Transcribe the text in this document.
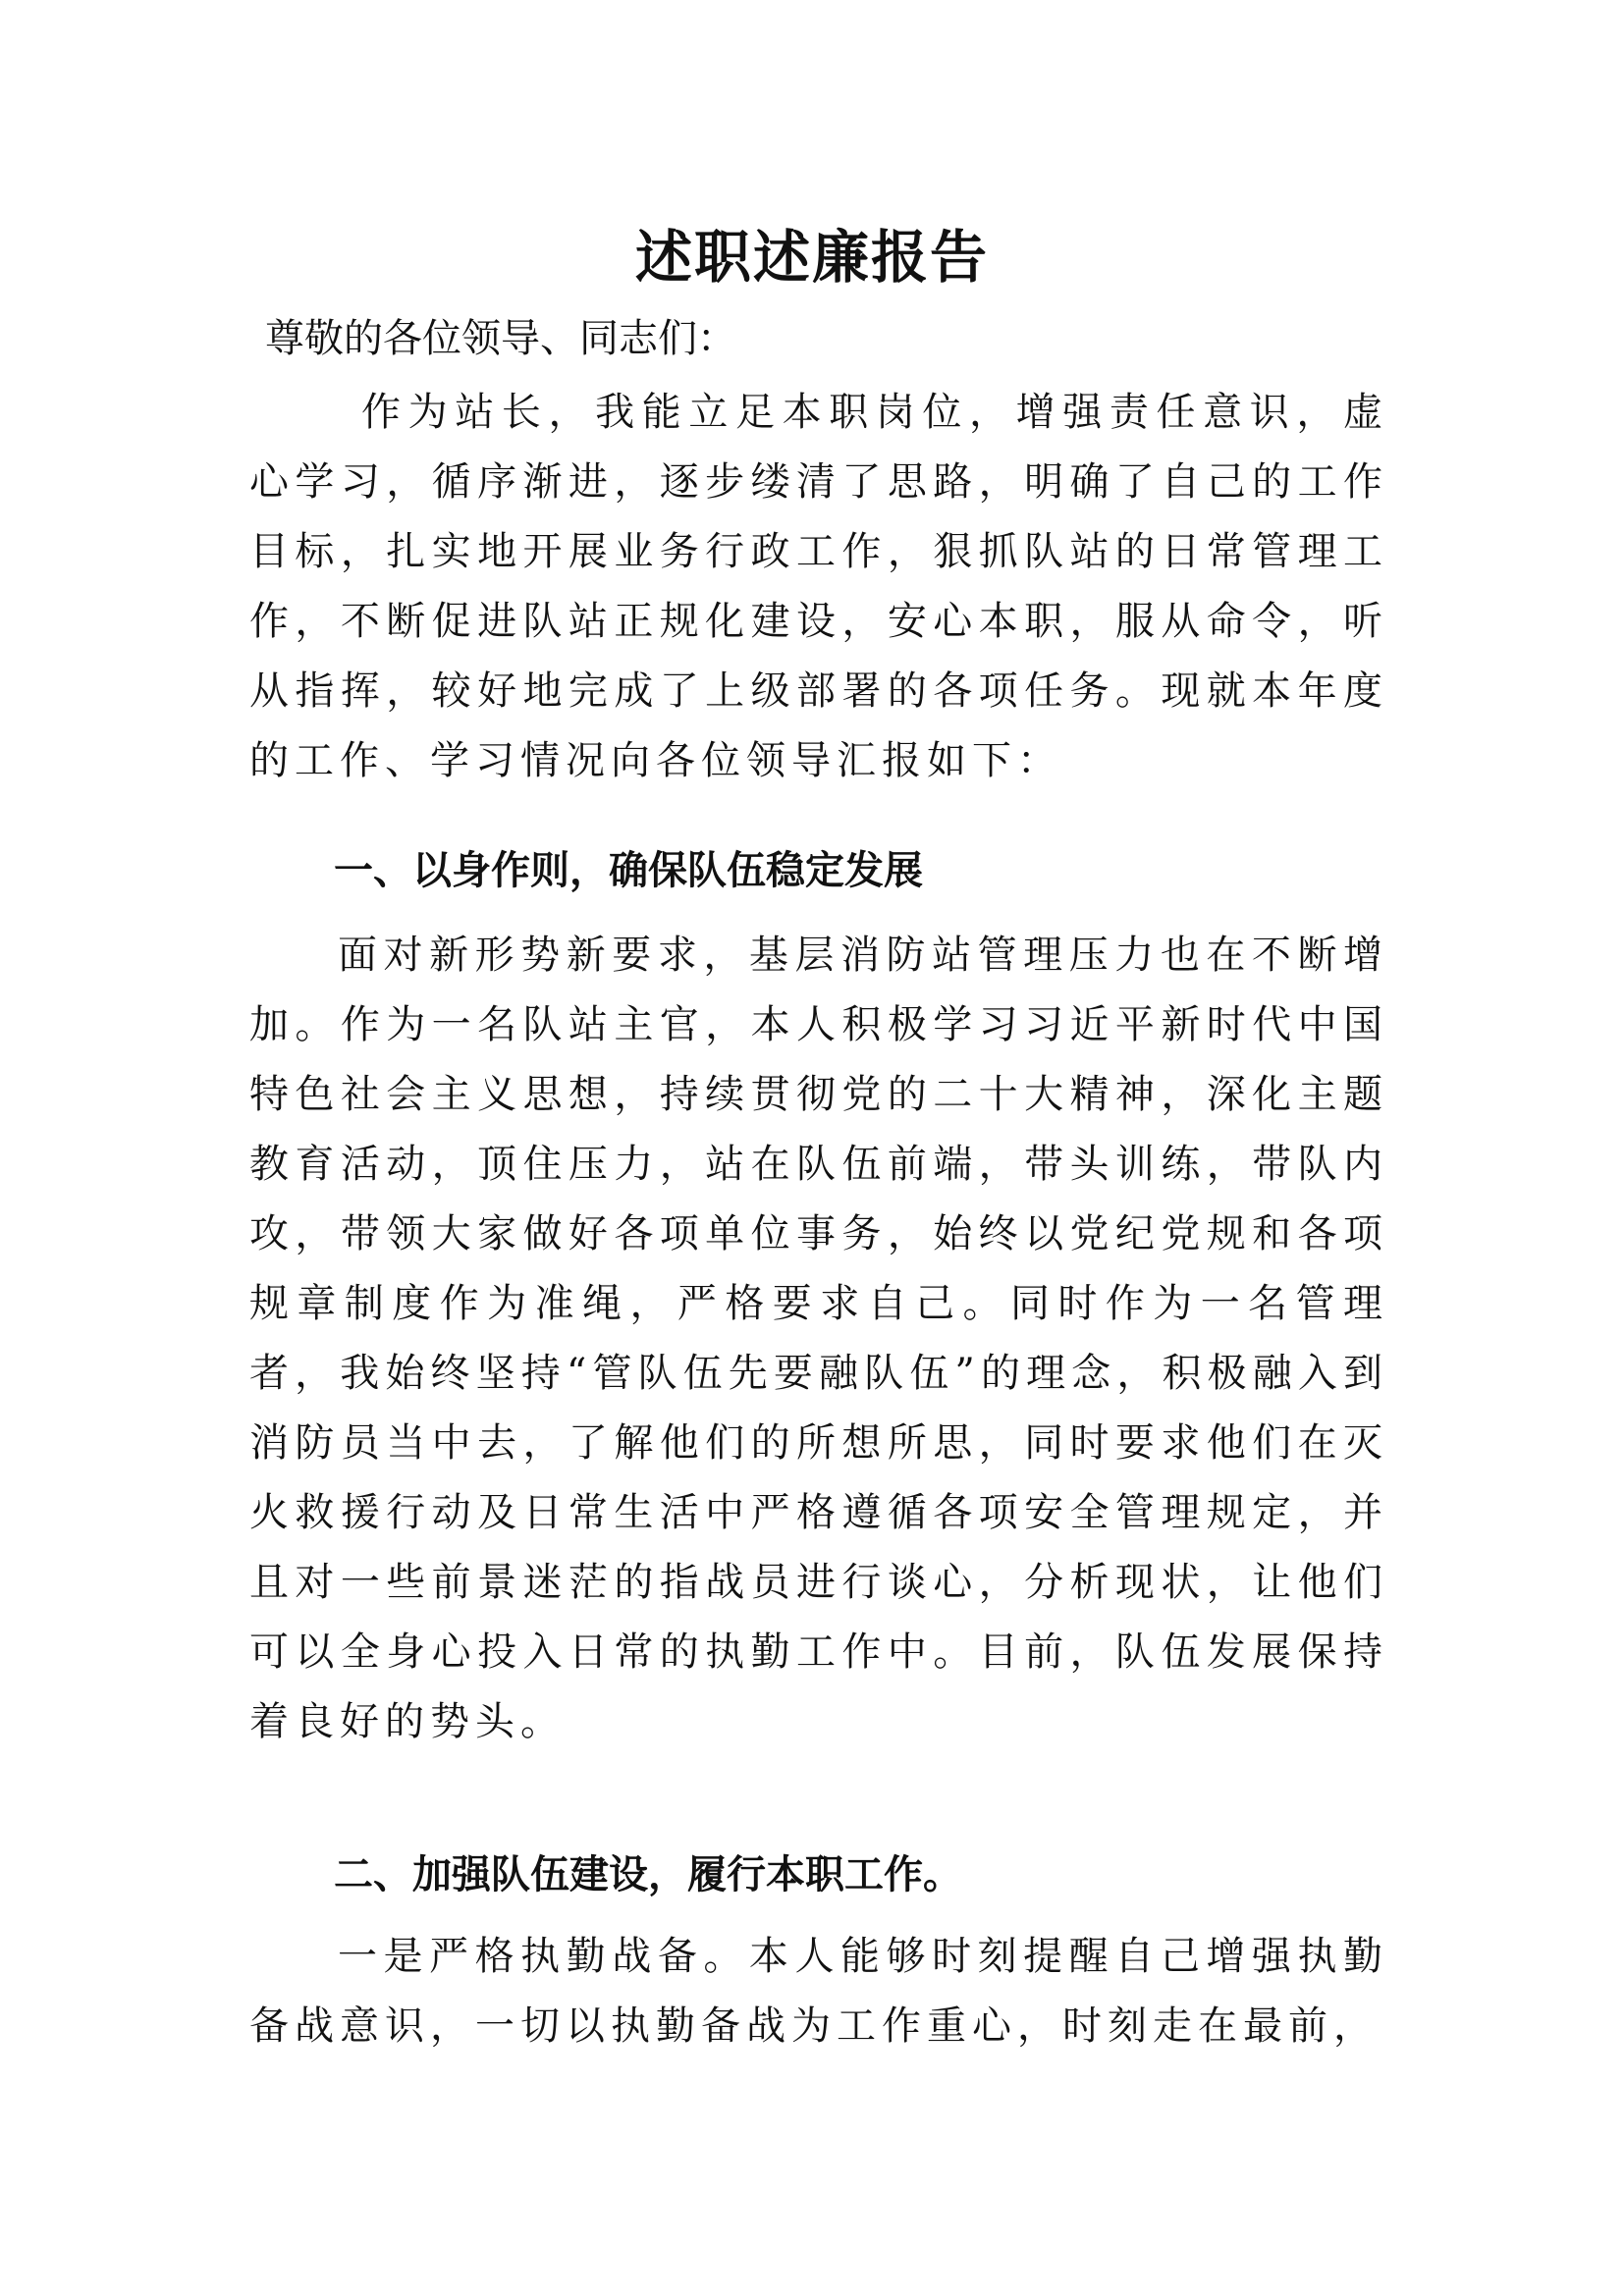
述职述廉报告

尊敬的各位领导、同志们：

作为站长，我能立足本职岗位，增强责任意识，虚心学习，循序渐进，逐步缕清了思路，明确了自己的工作目标，扎实地开展业务行政工作，狠抓队站的日常管理工作，不断促进队站正规化建设，安心本职，服从命令，听从指挥，较好地完成了上级部署的各项任务。现就本年度的工作、学习情况向各位领导汇报如下：

一、以身作则，确保队伍稳定发展

面对新形势新要求，基层消防站管理压力也在不断增加。作为一名队站主官，本人积极学习习近平新时代中国特色社会主义思想，持续贯彻党的二十大精神，深化主题教育活动，顶住压力，站在队伍前端，带头训练，带队内攻，带领大家做好各项单位事务，始终以党纪党规和各项规章制度作为准绳，严格要求自己。同时作为一名管理者，我始终坚持“管队伍先要融队伍”的理念，积极融入到消防员当中去，了解他们的所想所思，同时要求他们在灭火救援行动及日常生活中严格遵循各项安全管理规定，并且对一些前景迷茫的指战员进行谈心，分析现状，让他们可以全身心投入日常的执勤工作中。目前，队伍发展保持着良好的势头。

二、加强队伍建设，履行本职工作。

一是严格执勤战备。本人能够时刻提醒自己增强执勤备战意识，一切以执勤备战为工作重心，时刻走在最前，
